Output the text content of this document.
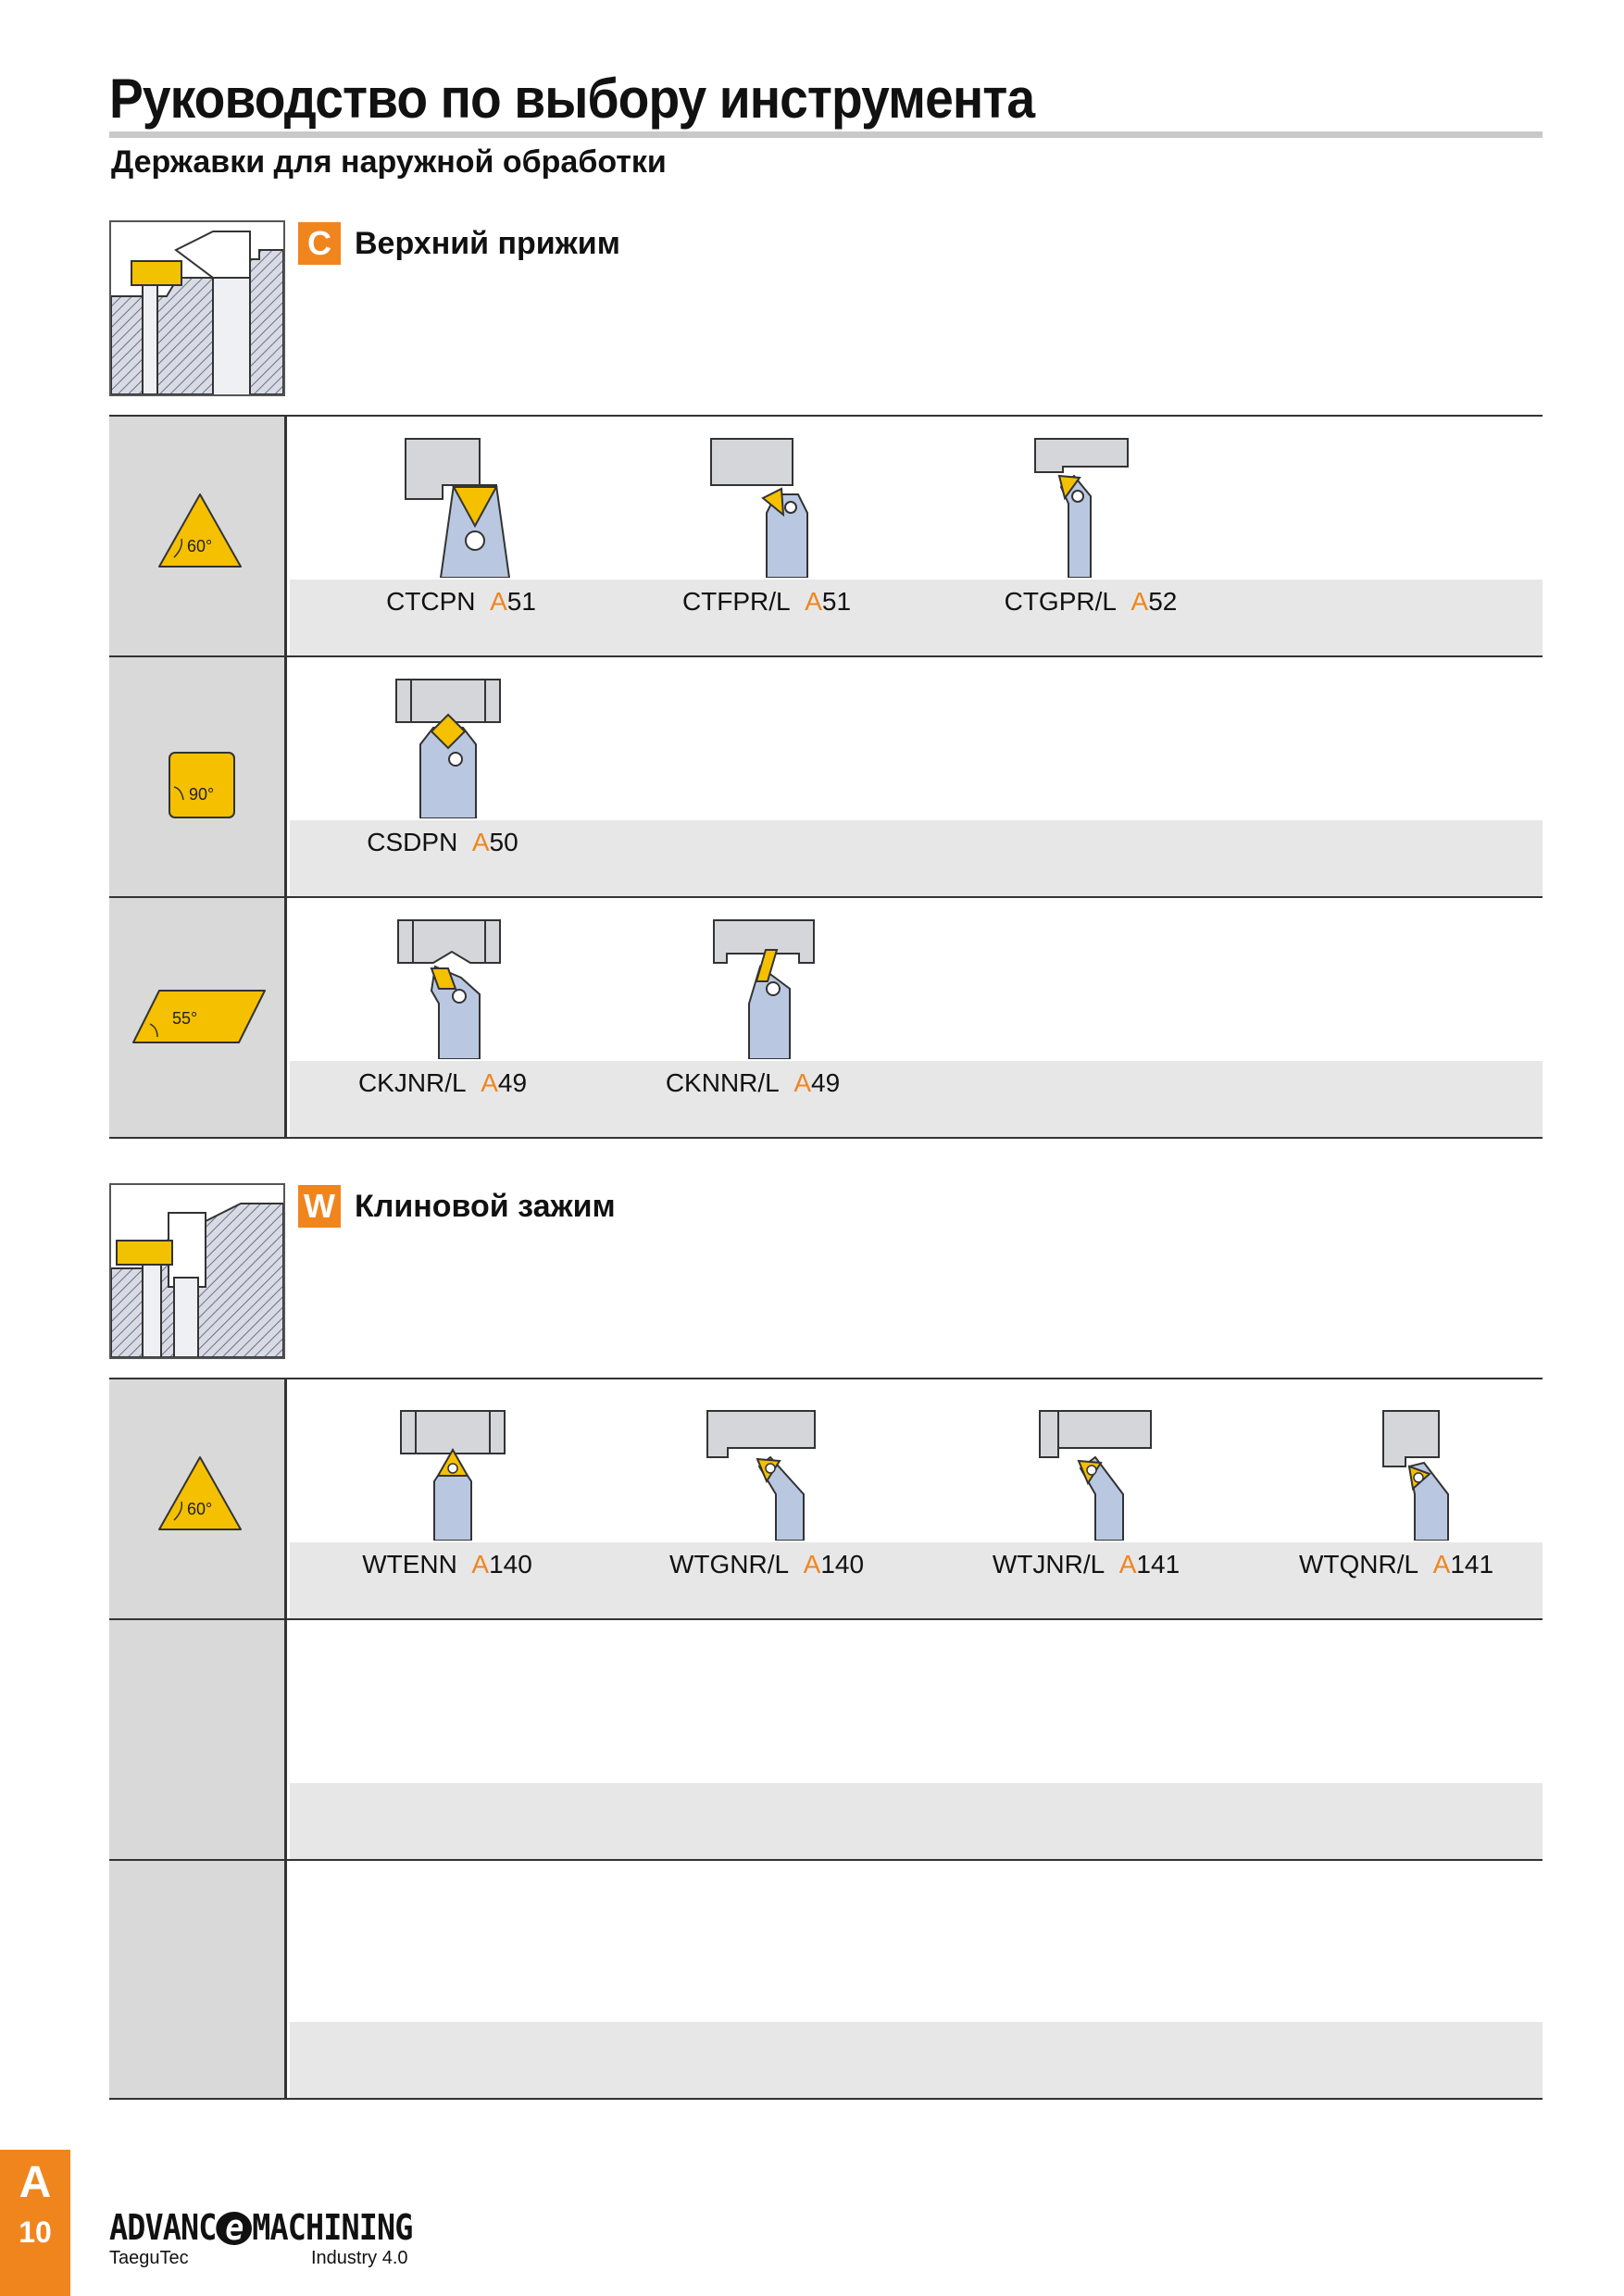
Руководство по выбору инструмента
Державки для наружной обработки
C Верхний прижим
60°
CTCPN A51	CTFPR/L A51	CTGPR/L A52
90°
CSDPN A50
55°
CKJNR/L A49	CKNNR/L A49
W Клиновой зажим
60°
WTENN A140	WTGNR/L A140	WTJNR/L A141	WTQNR/L A141
A
10	ADVANC e MACHINING
TaeguTec	Industry 4.0
